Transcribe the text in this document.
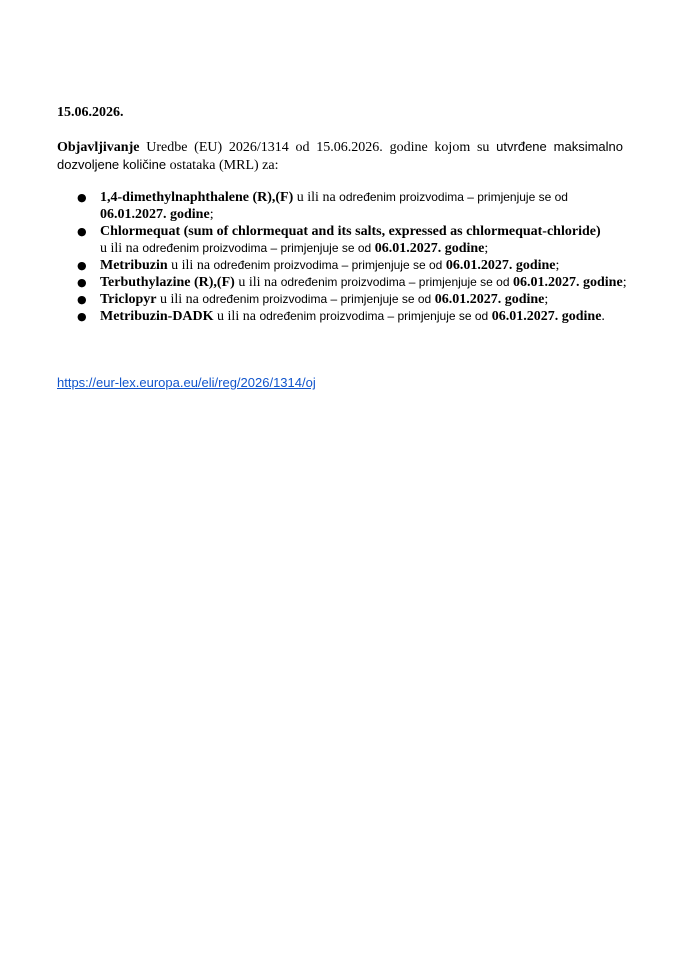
15.06.2026.
Objavljivanje Uredbe (EU) 2026/1314 od 15.06.2026. godine kojom su utvrđene maksimalno dozvoljene količine ostataka (MRL) za:
● 1,4-dimethylnaphthalene (R),(F) u ili na određenim proizvodima – primjenjuje se od
06.01.2027. godine;
● Chlormequat (sum of chlormequat and its salts, expressed as chlormequat-chloride)
u ili na određenim proizvodima – primjenjuje se od 06.01.2027. godine;
● Metribuzin u ili na određenim proizvodima – primjenjuje se od 06.01.2027. godine;
● Terbuthylazine (R),(F) u ili na određenim proizvodima – primjenjuje se od 06.01.2027. godine;
● Triclopyr u ili na određenim proizvodima – primjenjuje se od 06.01.2027. godine;
● Metribuzin-DADK u ili na određenim proizvodima – primjenjuje se od 06.01.2027. godine.
https://eur-lex.europa.eu/eli/reg/2026/1314/oj
